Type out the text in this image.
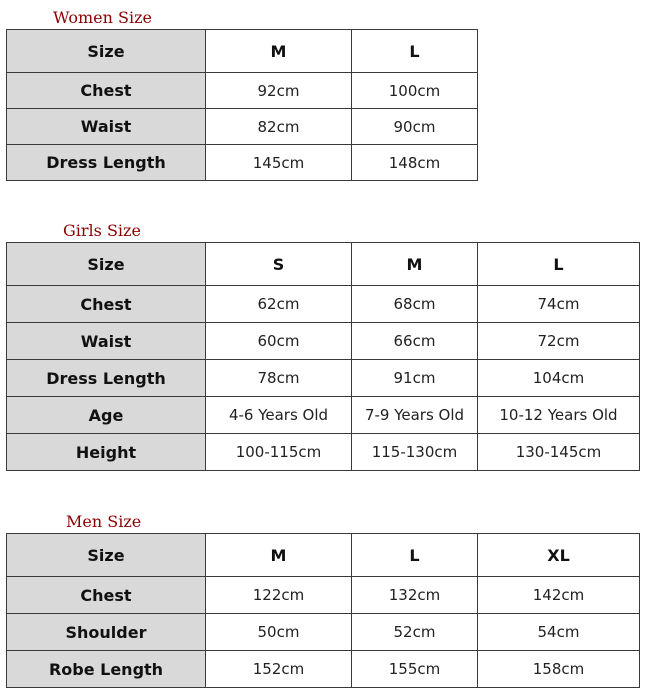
Women Size
Size	M	L
Chest	92cm	100cm
Waist	82cm	90cm
Dress Length	145cm	148cm
Girls Size
Size	S	M	L
Chest	62cm	68cm	74cm
Waist	60cm	66cm	72cm
Dress Length	78cm	91cm	104cm
Age	4-6 Years Old	7-9 Years Old	10-12 Years Old
Height	100-115cm	115-130cm	130-145cm
Men Size
Size	M	L	XL
Chest	122cm	132cm	142cm
Shoulder	50cm	52cm	54cm
Robe Length	152cm	155cm	158cm
